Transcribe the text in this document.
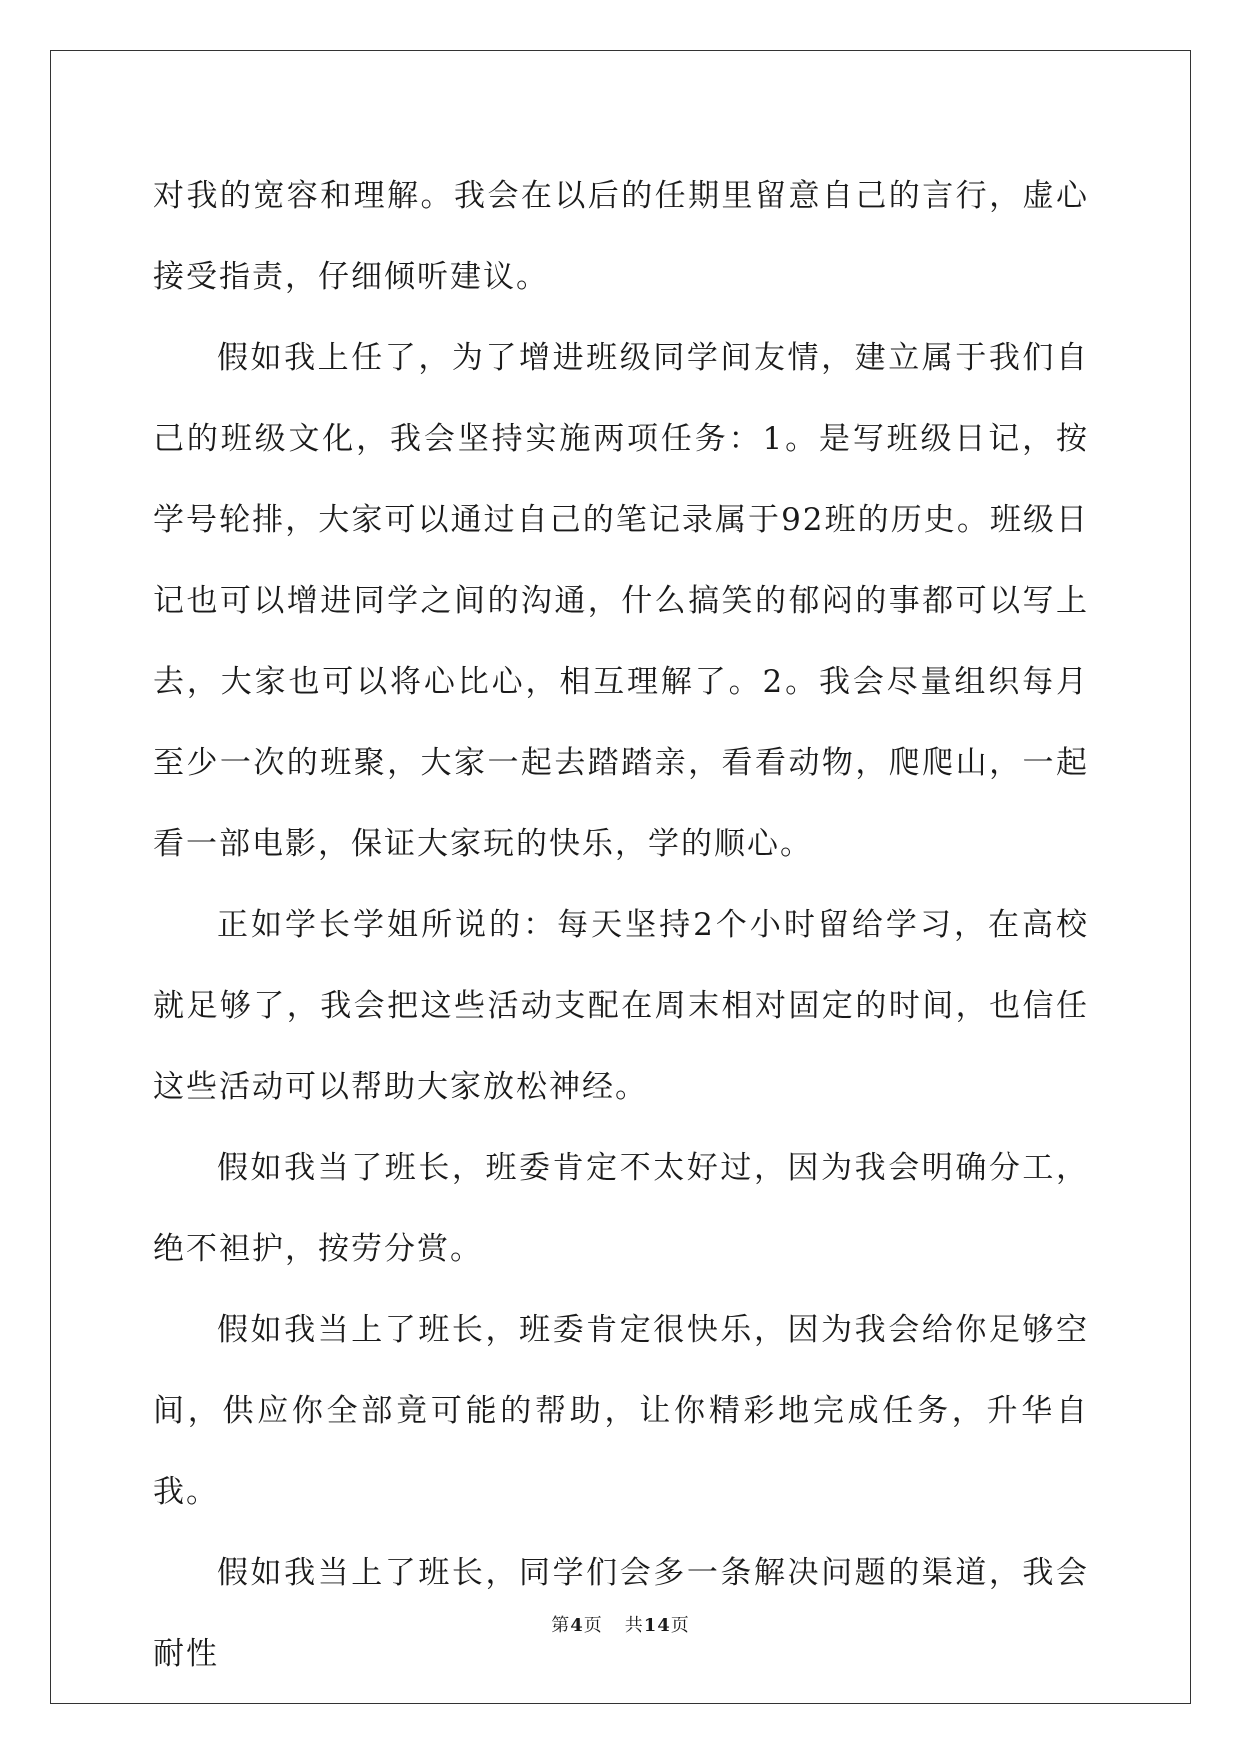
对我的宽容和理解。我会在以后的任期里留意自己的言行，虚心接受指责，仔细倾听建议。

假如我上任了，为了增进班级同学间友情，建立属于我们自己的班级文化，我会坚持实施两项任务：1。是写班级日记，按学号轮排，大家可以通过自己的笔记录属于92班的历史。班级日记也可以增进同学之间的沟通，什么搞笑的郁闷的事都可以写上去，大家也可以将心比心，相互理解了。2。我会尽量组织每月至少一次的班聚，大家一起去踏踏亲，看看动物，爬爬山，一起看一部电影，保证大家玩的快乐，学的顺心。

正如学长学姐所说的：每天坚持2个小时留给学习，在高校就足够了，我会把这些活动支配在周末相对固定的时间，也信任这些活动可以帮助大家放松神经。

假如我当了班长，班委肯定不太好过，因为我会明确分工，绝不袒护，按劳分赏。

假如我当上了班长，班委肯定很快乐，因为我会给你足够空间，供应你全部竟可能的帮助，让你精彩地完成任务，升华自我。

假如我当上了班长，同学们会多一条解决问题的渠道，我会耐性

第4页 共14页
